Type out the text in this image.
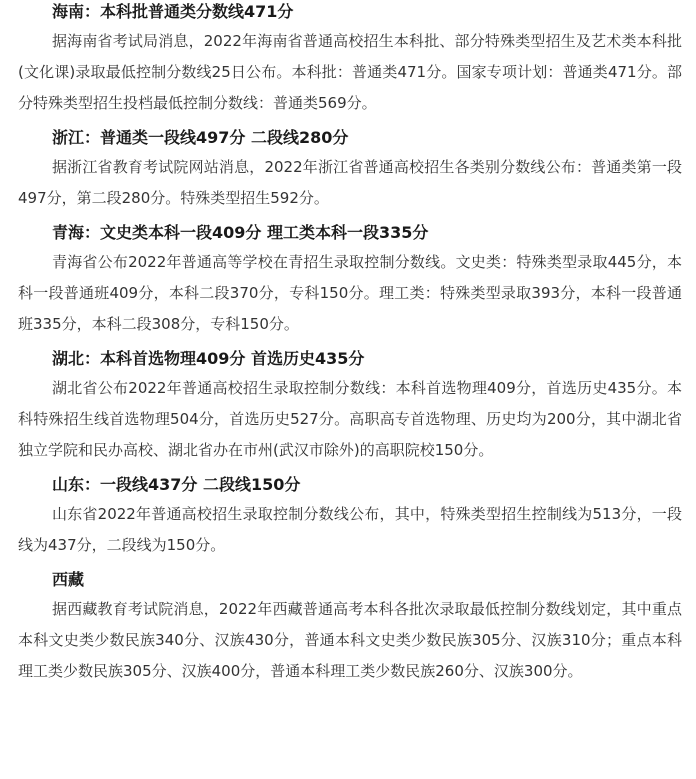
海南：本科批普通类分数线471分

据海南省考试局消息，2022年海南省普通高校招生本科批、部分特殊类型招生及艺术类本科批(文化课)录取最低控制分数线25日公布。本科批：普通类471分。国家专项计划：普通类471分。部分特殊类型招生投档最低控制分数线：普通类569分。

浙江：普通类一段线497分 二段线280分

据浙江省教育考试院网站消息，2022年浙江省普通高校招生各类别分数线公布：普通类第一段497分，第二段280分。特殊类型招生592分。

青海：文史类本科一段409分 理工类本科一段335分

青海省公布2022年普通高等学校在青招生录取控制分数线。文史类：特殊类型录取445分，本科一段普通班409分，本科二段370分，专科150分。理工类：特殊类型录取393分，本科一段普通班335分，本科二段308分，专科150分。

湖北：本科首选物理409分 首选历史435分

湖北省公布2022年普通高校招生录取控制分数线：本科首选物理409分，首选历史435分。本科特殊招生线首选物理504分，首选历史527分。高职高专首选物理、历史均为200分，其中湖北省独立学院和民办高校、湖北省办在市州(武汉市除外)的高职院校150分。

山东：一段线437分 二段线150分

山东省2022年普通高校招生录取控制分数线公布，其中，特殊类型招生控制线为513分，一段线为437分，二段线为150分。

西藏

据西藏教育考试院消息，2022年西藏普通高考本科各批次录取最低控制分数线划定，其中重点本科文史类少数民族340分、汉族430分，普通本科文史类少数民族305分、汉族310分；重点本科理工类少数民族305分、汉族400分，普通本科理工类少数民族260分、汉族300分。
